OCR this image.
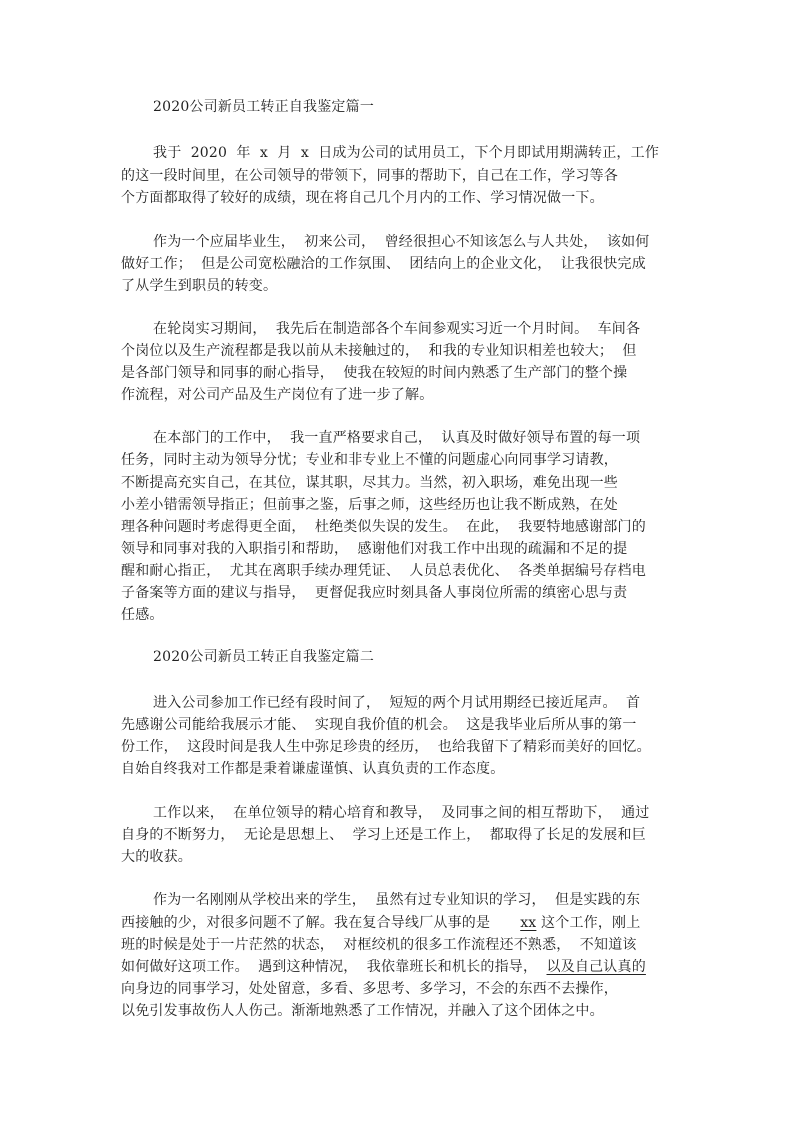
2020公司新员工转正自我鉴定篇一
我于  2020  年  x  月  x  日成为公司的试用员工，下个月即试用期满转正，工作
的这一段时间里，在公司领导的带领下，同事的帮助下，自己在工作，学习等各
个方面都取得了较好的成绩，现在将自己几个月内的工作、学习情况做一下。
作为一个应届毕业生，  初来公司，  曾经很担心不知该怎么与人共处，  该如何
做好工作；  但是公司宽松融洽的工作氛围、  团结向上的企业文化，  让我很快完成
了从学生到职员的转变。
在轮岗实习期间，  我先后在制造部各个车间参观实习近一个月时间。  车间各
个岗位以及生产流程都是我以前从未接触过的，  和我的专业知识相差也较大；  但
是各部门领导和同事的耐心指导，  使我在较短的时间内熟悉了生产部门的整个操
作流程，对公司产品及生产岗位有了进一步了解。
在本部门的工作中，  我一直严格要求自己，  认真及时做好领导布置的每一项
任务，同时主动为领导分忧；专业和非专业上不懂的问题虚心向同事学习请教，
不断提高充实自己，在其位，谋其职，尽其力。当然，初入职场，难免出现一些
小差小错需领导指正；但前事之鉴，后事之师，这些经历也让我不断成熟，在处
理各种问题时考虑得更全面，  杜绝类似失误的发生。  在此，  我要特地感谢部门的
领导和同事对我的入职指引和帮助，  感谢他们对我工作中出现的疏漏和不足的提
醒和耐心指正，  尤其在离职手续办理凭证、  人员总表优化、  各类单据编号存档电
子备案等方面的建议与指导，  更督促我应时刻具备人事岗位所需的缜密心思与责
任感。
2020公司新员工转正自我鉴定篇二
进入公司参加工作已经有段时间了，  短短的两个月试用期经已接近尾声。  首
先感谢公司能给我展示才能、  实现自我价值的机会。  这是我毕业后所从事的第一
份工作，  这段时间是我人生中弥足珍贵的经历，  也给我留下了精彩而美好的回忆。
自始自终我对工作都是秉着谦虚谨慎、认真负责的工作态度。
工作以来，  在单位领导的精心培育和教导，  及同事之间的相互帮助下，  通过
自身的不断努力，  无论是思想上、  学习上还是工作上，  都取得了长足的发展和巨
大的收获。
作为一名刚刚从学校出来的学生，  虽然有过专业知识的学习，  但是实践的东
西接触的少，对很多问题不了解。我在复合导线厂从事的是 xx 这个工作，刚上
班的时候是处于一片茫然的状态，  对框绞机的很多工作流程还不熟悉，  不知道该
如何做好这项工作。  遇到这种情况，  我依靠班长和机长的指导，  以及自己认真的
向身边的同事学习，处处留意，多看、多思考、多学习，不会的东西不去操作，
以免引发事故伤人人伤己。渐渐地熟悉了工作情况，并融入了这个团体之中。
